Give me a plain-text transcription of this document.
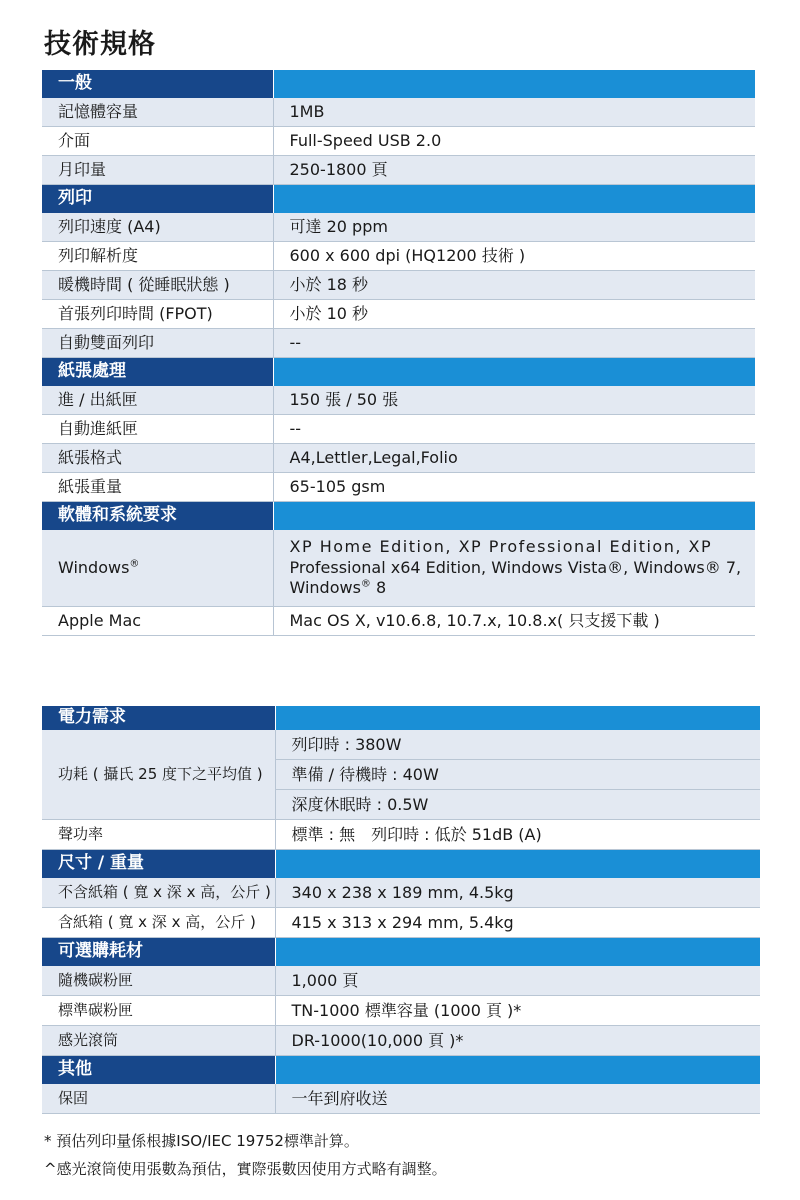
技術規格
一般	
記憶體容量	1MB
介面	Full-Speed USB 2.0
月印量	250-1800 頁
列印	
列印速度 (A4)	可達 20 ppm
列印解析度	600 x 600 dpi (HQ1200 技術 )
暖機時間 ( 從睡眠狀態 )	小於 18 秒
首張列印時間 (FPOT)	小於 10 秒
自動雙面列印	--
紙張處理	
進 / 出紙匣	150 張 / 50 張
自動進紙匣	--
紙張格式	A4,Lettler,Legal,Folio
紙張重量	65-105 gsm
軟體和系統要求	
Windows®	XP Home Edition, XP Professional Edition, XP
Professional x64 Edition, Windows Vista®, Windows® 7,
Windows® 8

Apple Mac	Mac OS X, v10.6.8, 10.7.x, 10.8.x( 只支援下載 )
電力需求	
功耗 ( 攝氏 25 度下之平均值 )	列印時 : 380W
	準備 / 待機時 : 40W
	深度休眠時 : 0.5W
聲功率	標準 : 無　列印時 : 低於 51dB (A)
尺寸 / 重量	
不含紙箱 ( 寬 x 深 x 高，公斤 )	340 x 238 x 189 mm, 4.5kg
含紙箱 ( 寬 x 深 x 高，公斤 )	415 x 313 x 294 mm, 5.4kg
可選購耗材	
隨機碳粉匣	1,000 頁
標準碳粉匣	TN-1000 標準容量 (1000 頁 )*
感光滾筒	DR-1000(10,000 頁 )*
其他	
保固	一年到府收送
* 預估列印量係根據ISO/IEC 19752標準計算。
^感光滾筒使用張數為預估，實際張數因使用方式略有調整。
